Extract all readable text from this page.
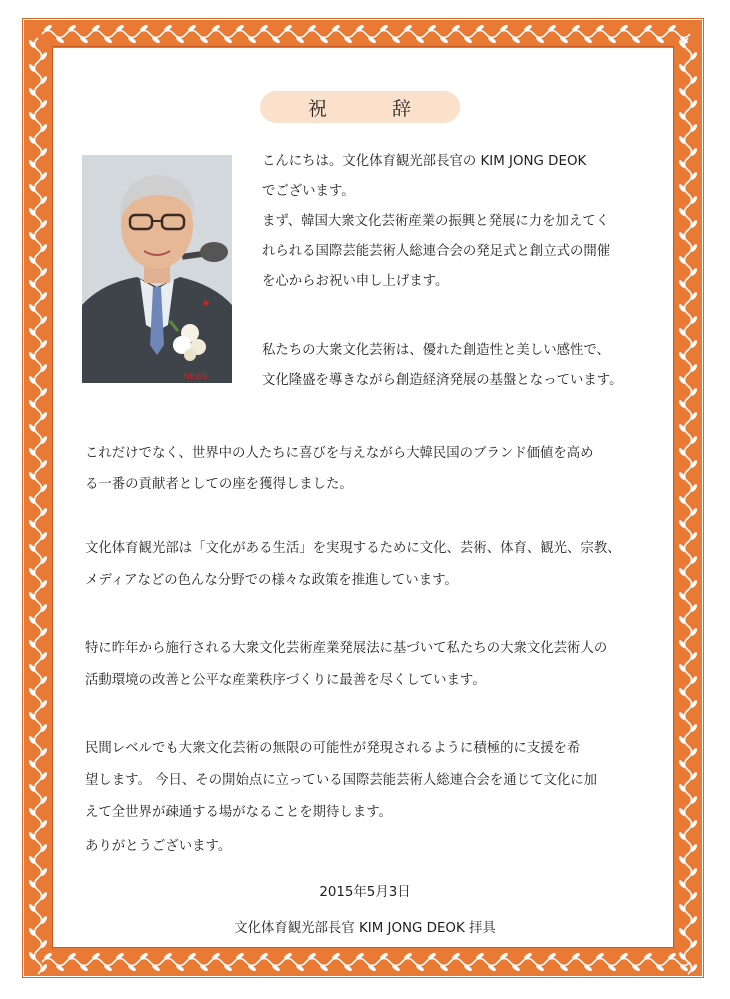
祝	辞
NEWS
こんにちは。文化体育観光部長官の KIM JONG DEOK
でございます。
まず、韓国大衆文化芸術産業の振興と発展に力を加えてく
れられる国際芸能芸術人総連合会の発足式と創立式の開催
を心からお祝い申し上げます。
私たちの大衆文化芸術は、優れた創造性と美しい感性で、
文化隆盛を導きながら創造経済発展の基盤となっています。
これだけでなく、世界中の人たちに喜びを与えながら大韓民国のブランド価値を高め
る一番の貢献者としての座を獲得しました。
文化体育観光部は「文化がある生活」を実現するために文化、芸術、体育、観光、宗教、
メディアなどの色んな分野での様々な政策を推進しています。
特に昨年から施行される大衆文化芸術産業発展法に基づいて私たちの大衆文化芸術人の
活動環境の改善と公平な産業秩序づくりに最善を尽くしています。
民間レベルでも大衆文化芸術の無限の可能性が発現されるように積極的に支援を希
望します。 今日、その開始点に立っている国際芸能芸術人総連合会を通じて文化に加
えて全世界が疎通する場がなることを期待します。
ありがとうございます。
2015年5月3日
文化体育観光部長官 KIM JONG DEOK 拝具
